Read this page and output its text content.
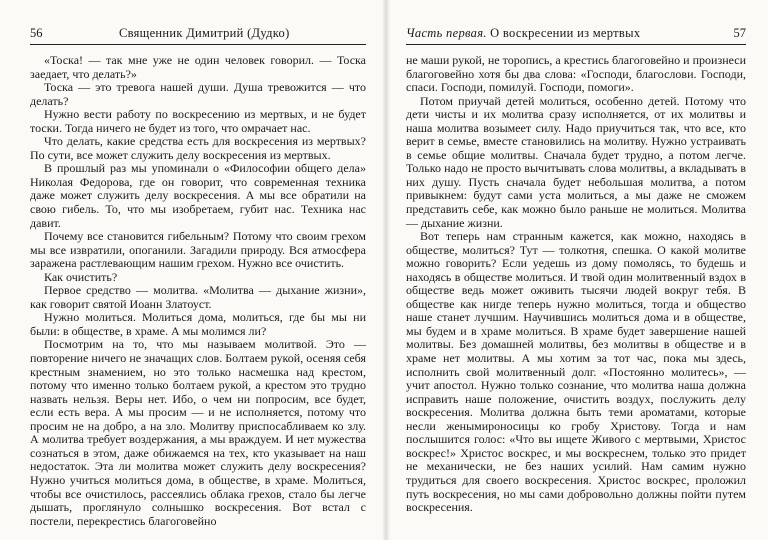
56	Священник Димитрий (Дудко)
«Тоска! — так мне уже не один человек говорил. — Тоска заедает, что делать?»
Тоска — это тревога нашей души. Душа тревожится — что делать?
Нужно вести работу по воскресению из мертвых, и не будет тоски. Тогда ничего не будет из того, что омрачает нас.
Что делать, какие средства есть для воскресения из мертвых? По сути, все может служить делу воскресения из мертвых.
В прошлый раз мы упоминали о «Философии общего дела» Николая Федорова, где он говорит, что современная техника даже может служить делу воскресения. А мы все обратили на свою гибель. То, что мы изобретаем, губит нас. Техника нас давит.
Почему все становится гибельным? Потому что своим грехом мы все извратили, опоганили. Загадили природу. Вся атмосфера заражена растлевающим нашим грехом. Нужно все очистить.
Как очистить?
Первое средство — молитва. «Молитва — дыхание жизни», как говорит святой Иоанн Златоуст.
Нужно молиться. Молиться дома, молиться, где бы мы ни были: в обществе, в храме. А мы молимся ли?
Посмотрим на то, что мы называем молитвой. Это — повторение ничего не значащих слов. Болтаем рукой, осеняя себя крестным знамением, но это только насмешка над крестом, потому что именно только болтаем рукой, а крестом это трудно назвать нельзя. Веры нет. Ибо, о чем ни попросим, все будет, если есть вера. А мы просим — и не исполняется, потому что просим не на добро, а на зло. Молитву приспосабливаем ко злу. А молитва требует воздержания, а мы враждуем. И нет мужества сознаться в этом, даже обижаемся на тех, кто указывает на наш недостаток. Эта ли молитва может служить делу воскресения? Нужно учиться молиться дома, в обществе, в храме. Молиться, чтобы все очистилось, рассеялись облака грехов, стало бы легче дышать, проглянуло солнышко воскресения. Вот встал с постели, перекрестись благоговейно
Часть первая. О воскресении из мертвых	57
не маши рукой, не торопись, а крестись благоговейно и произнеси благоговейно хотя бы два слова: «Господи, благослови. Господи, спаси. Господи, помилуй. Господи, помоги».
Потом приучай детей молиться, особенно детей. Потому что дети чисты и их молитва сразу исполняется, от их молитвы и наша молитва возымеет силу. Надо приучиться так, что все, кто верит в семье, вместе становились на молитву. Нужно устраивать в семье общие молитвы. Сначала будет трудно, а потом легче. Только надо не просто вычитывать слова молитвы, а вкладывать в них душу. Пусть сначала будет небольшая молитва, а потом привыкнем: будут сами уста молиться, а мы даже не сможем представить себе, как можно было раньше не молиться. Молитва — дыхание жизни.
Вот теперь нам странным кажется, как можно, находясь в обществе, молиться? Тут — толкотня, спешка. О какой молитве можно говорить? Если уедешь из дому помолясь, то будешь и находясь в обществе молиться. И твой один молитвенный вздох в обществе ведь может оживить тысячи людей вокруг тебя. В обществе как нигде теперь нужно молиться, тогда и общество наше станет лучшим. Научившись молиться дома и в обществе, мы будем и в храме молиться. В храме будет завершение нашей молитвы. Без домашней молитвы, без молитвы в обществе и в храме нет молитвы. А мы хотим за тот час, пока мы здесь, исполнить свой молитвенный долг. «Постоянно молитесь», — учит апостол. Нужно только сознание, что молитва наша должна исправить наше положение, очистить воздух, послужить делу воскресения. Молитва должна быть теми ароматами, которые несли женымироносицы ко гробу Христову. Тогда и нам послышится голос: «Что вы ищете Живого с мертвыми, Христос воскрес!» Христос воскрес, и мы воскреснем, только это придет не механически, не без наших усилий. Нам самим нужно трудиться для своего воскресения. Христос воскрес, проложил путь воскресения, но мы сами добровольно должны пойти путем воскресения.
